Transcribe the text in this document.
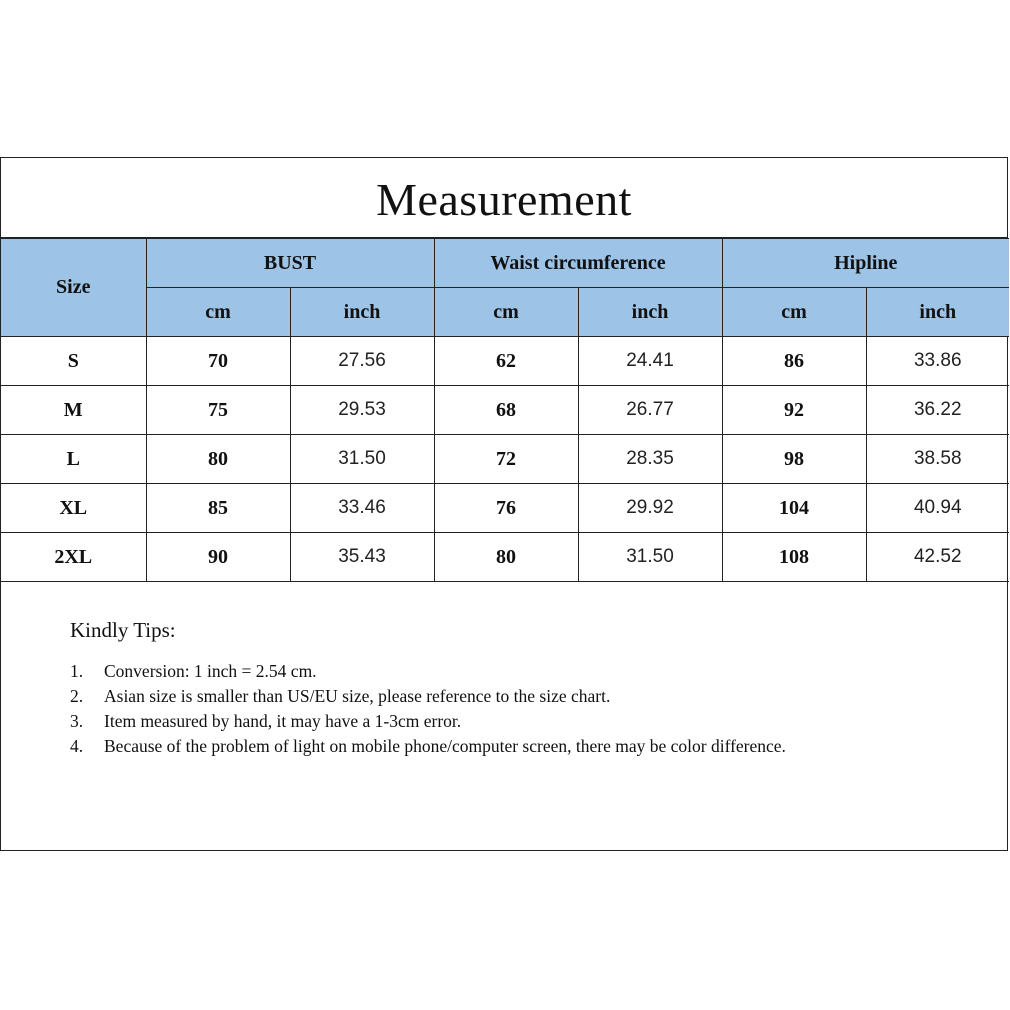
Measurement
Size	BUST		Waist circumference		Hipline	
	cm	inch	cm	inch	cm	inch
S	70	27.56	62	24.41	86	33.86
M	75	29.53	68	26.77	92	36.22
L	80	31.50	72	28.35	98	38.58
XL	85	33.46	76	29.92	104	40.94
2XL	90	35.43	80	31.50	108	42.52
Kindly Tips:
1.	Conversion: 1 inch = 2.54 cm.
2.	Asian size is smaller than US/EU size, please reference to the size chart.
3.	Item measured by hand, it may have a 1-3cm error.
4.	Because of the problem of light on mobile phone/computer screen, there may be color difference.
